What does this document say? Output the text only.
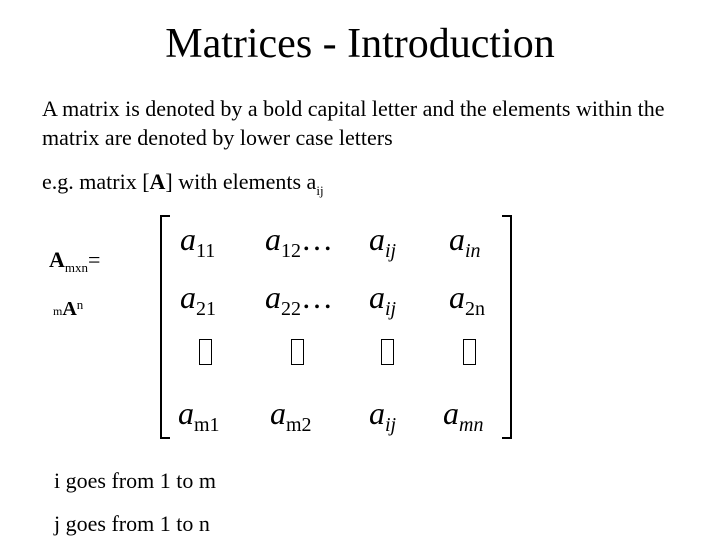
Matrices - Introduction
A matrix is denoted by a bold capital letter and the elements within the matrix are denoted by lower case letters
e.g. matrix [A] with elements $a_{ij}$
$A_{mxn}=$
$mA^n$
$a_{11}$ $a_{12}\dots$ $a_{ij}$ $a_{in}$
$a_{21}$ $a_{22}\dots$ $a_{ij}$ $a_{2n}$
$a_{m1}$ $a_{m2}$ $a_{ij}$ $a_{mn}$
i goes from 1 to m
j goes from 1 to n
